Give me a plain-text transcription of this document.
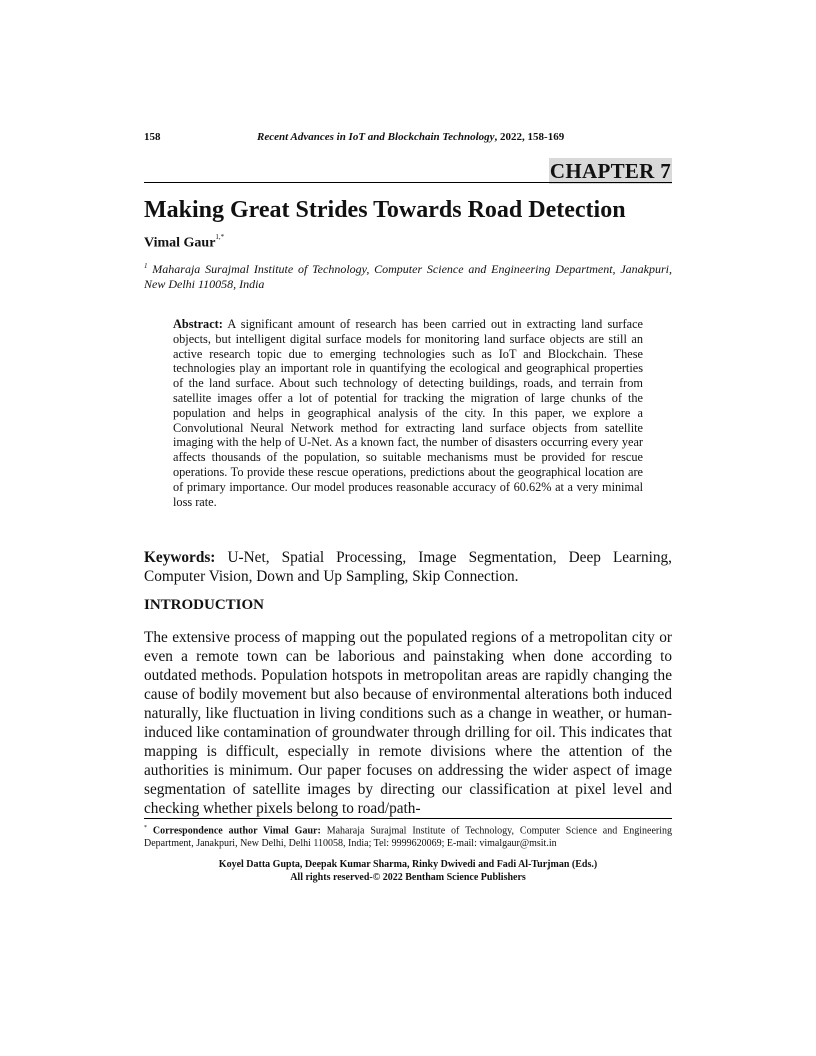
158	Recent Advances in IoT and Blockchain Technology, 2022, 158-169
CHAPTER 7
Making Great Strides Towards Road Detection
Vimal Gaur$^{1,*}$
$^1$ Maharaja Surajmal Institute of Technology, Computer Science and Engineering Department, Janakpuri, New Delhi 110058, India
Abstract: A significant amount of research has been carried out in extracting land surface objects, but intelligent digital surface models for monitoring land surface objects are still an active research topic due to emerging technologies such as IoT and Blockchain. These technologies play an important role in quantifying the ecological and geographical properties of the land surface. About such technology of detecting buildings, roads, and terrain from satellite images offer a lot of potential for tracking the migration of large chunks of the population and helps in geographical analysis of the city. In this paper, we explore a Convolutional Neural Network method for extracting land surface objects from satellite imaging with the help of U-Net. As a known fact, the number of disasters occurring every year affects thousands of the population, so suitable mechanisms must be provided for rescue operations. To provide these rescue operations, predictions about the geographical location are of primary importance. Our model produces reasonable accuracy of 60.62% at a very minimal loss rate.
Keywords: U-Net, Spatial Processing, Image Segmentation, Deep Learning, Computer Vision, Down and Up Sampling, Skip Connection.
INTRODUCTION
The extensive process of mapping out the populated regions of a metropolitan city or even a remote town can be laborious and painstaking when done according to outdated methods. Population hotspots in metropolitan areas are rapidly changing the cause of bodily movement but also because of environmental alterations both induced naturally, like fluctuation in living conditions such as a change in weather, or human-induced like contamination of groundwater through drilling for oil. This indicates that mapping is difficult, especially in remote divisions where the attention of the authorities is minimum. Our paper focuses on addressing the wider aspect of image segmentation of satellite images by directing our classification at pixel level and checking whether pixels belong to road/path-
* Correspondence author Vimal Gaur: Maharaja Surajmal Institute of Technology, Computer Science and Engineering Department, Janakpuri, New Delhi, Delhi 110058, India; Tel: 9999620069; E-mail: vimalgaur@msit.in
Koyel Datta Gupta, Deepak Kumar Sharma, Rinky Dwivedi and Fadi Al-Turjman (Eds.)
All rights reserved-© 2022 Bentham Science Publishers
